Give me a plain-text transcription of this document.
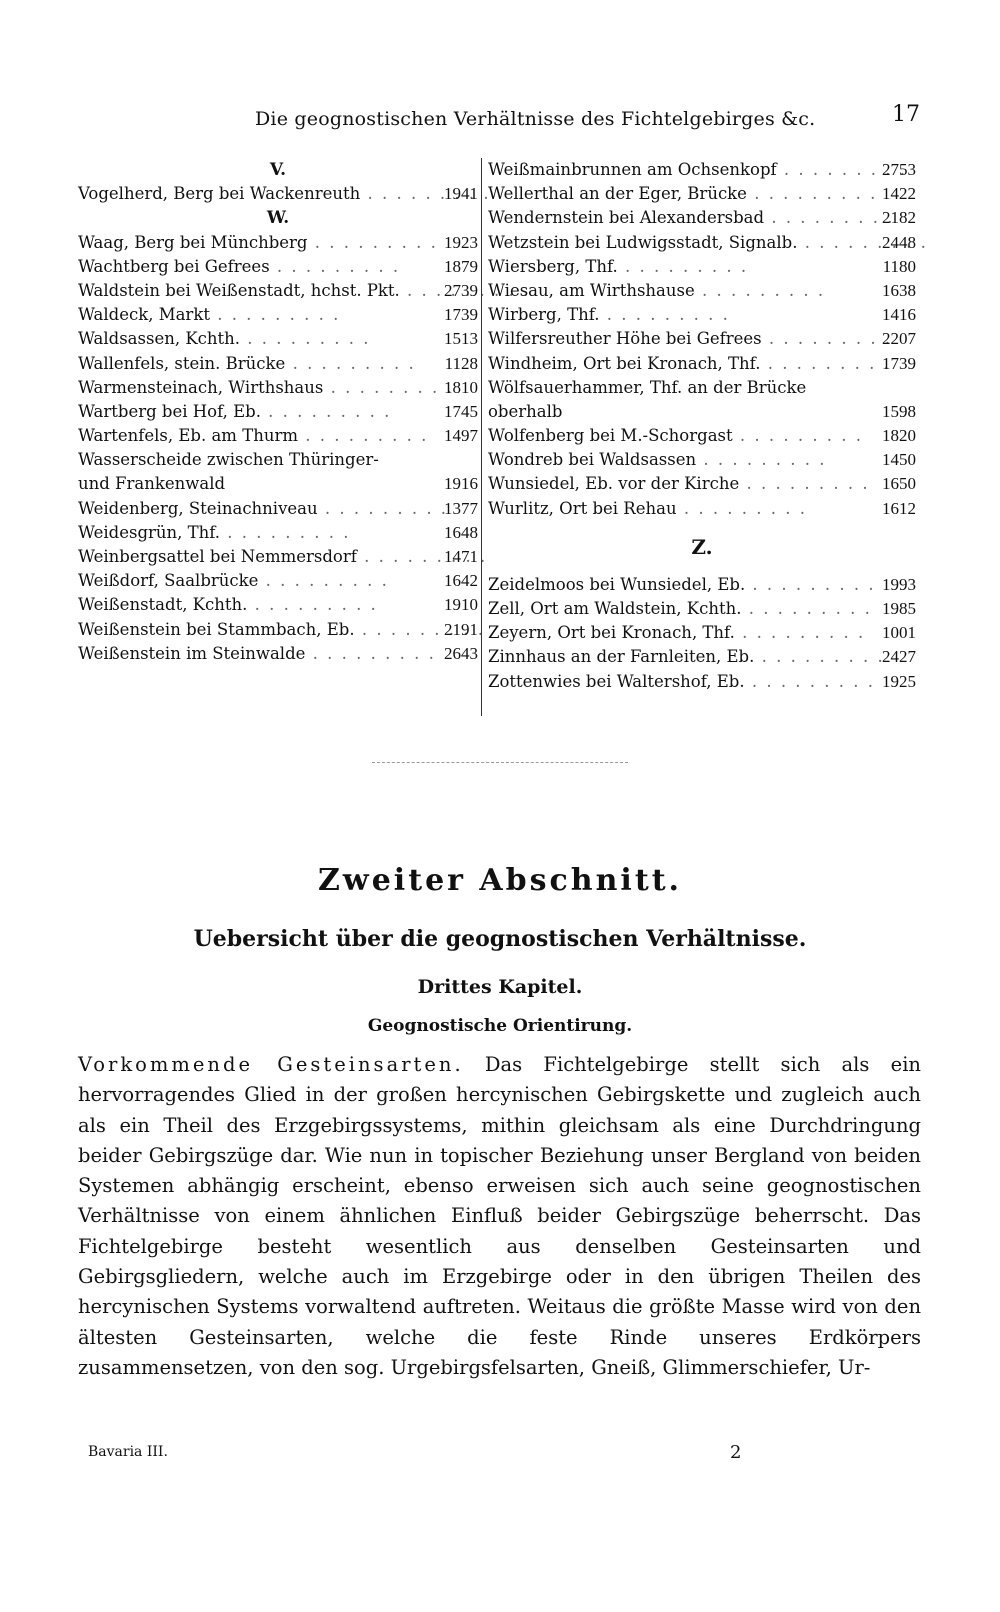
Die geognostischen Verhältnisse des Fichtelgebirges &c.	17
V.
Vogelherd, Berg bei Wackenreuth . . .	1941
W.
Waag, Berg bei Münchberg . . .	1923
Wachtberg bei Gefrees . . .	1879
Waldstein bei Weißenstadt, hchst. Pkt. . . .	2739
Waldeck, Markt . . .	1739
Waldsassen, Kchth. . . .	1513
Wallenfels, stein. Brücke . . .	1128
Warmensteinach, Wirthshaus . . .	1810
Wartberg bei Hof, Eb. . . .	1745
Wartenfels, Eb. am Thurm . . .	1497
Wasserscheide zwischen Thüringer- und Frankenwald	1916
Weidenberg, Steinachniveau . . .	1377
Weidesgrün, Thf. . . .	1648
Weinbergsattel bei Nemmersdorf . . .	1471
Weißdorf, Saalbrücke . . .	1642
Weißenstadt, Kchth. . . .	1910
Weißenstein bei Stammbach, Eb. . . .	2191
Weißenstein im Steinwalde . . .	2643
Weißmainbrunnen am Ochsenkopf . . .	2753
Wellerthal an der Eger, Brücke . . .	1422
Wendernstein bei Alexandersbad . . .	2182
Wetzstein bei Ludwigsstadt, Signalb. . . .	2448
Wiersberg, Thf. . . .	1180
Wiesau, am Wirthshause . . .	1638
Wirberg, Thf. . . .	1416
Wilfersreuther Höhe bei Gefrees . . .	2207
Windheim, Ort bei Kronach, Thf. . . .	1739
Wölfsauerhammer, Thf. an der Brücke oberhalb	1598
Wolfenberg bei M.-Schorgast . . .	1820
Wondreb bei Waldsassen . . .	1450
Wunsiedel, Eb. vor der Kirche . . .	1650
Wurlitz, Ort bei Rehau . . .	1612
Z.
Zeidelmoos bei Wunsiedel, Eb. . . .	1993
Zell, Ort am Waldstein, Kchth. . . .	1985
Zeyern, Ort bei Kronach, Thf. . . .	1001
Zinnhaus an der Farnleiten, Eb. . . .	2427
Zottenwies bei Waltershof, Eb. . . .	1925
Zweiter Abschnitt.
Uebersicht über die geognostischen Verhältnisse.
Drittes Kapitel.
Geognostische Orientirung.
Vorkommende Gesteinsarten. Das Fichtelgebirge stellt sich als ein hervorragendes Glied in der großen hercynischen Gebirgskette und zugleich auch als ein Theil des Erzgebirgssystems, mithin gleichsam als eine Durchdringung beider Gebirgszüge dar. Wie nun in topischer Beziehung unser Bergland von beiden Systemen abhängig erscheint, ebenso erweisen sich auch seine geognostischen Verhältnisse von einem ähnlichen Einfluß beider Gebirgszüge beherrscht. Das Fichtelgebirge besteht wesentlich aus denselben Gesteinsarten und Gebirgsgliedern, welche auch im Erzgebirge oder in den übrigen Theilen des hercynischen Systems vorwaltend auftreten. Weitaus die größte Masse wird von den ältesten Gesteinsarten, welche die feste Rinde unseres Erdkörpers zusammensetzen, von den sog. Urgebirgsfelsarten, Gneiß, Glimmerschiefer, Ur-
Bavaria III.	2
